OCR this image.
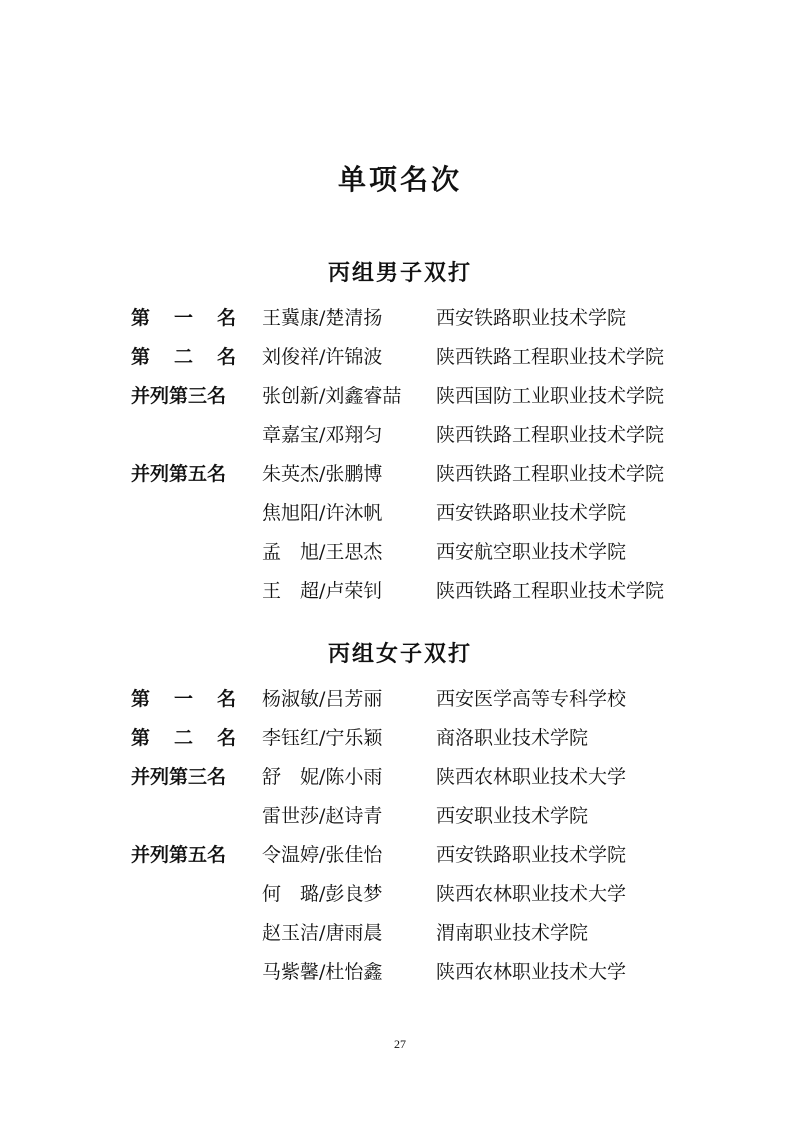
单项名次
丙组男子双打
第 一 名 王冀康/楚清扬	西安铁路职业技术学院
第 二 名 刘俊祥/许锦波	陕西铁路工程职业技术学院
并列第三名	张创新/刘鑫睿喆	陕西国防工业职业技术学院
章嘉宝/邓翔匀	陕西铁路工程职业技术学院
并列第五名	朱英杰/张鹏博	陕西铁路工程职业技术学院
焦旭阳/许沐帆	西安铁路职业技术学院
孟　旭/王思杰	西安航空职业技术学院
王　超/卢荣钊	陕西铁路工程职业技术学院
丙组女子双打
第 一 名 杨淑敏/吕芳丽	西安医学高等专科学校
第 二 名 李钰红/宁乐颖	商洛职业技术学院
并列第三名	舒　妮/陈小雨	陕西农林职业技术大学
雷世莎/赵诗青	西安职业技术学院
并列第五名	令温婷/张佳怡	西安铁路职业技术学院
何　璐/彭良梦	陕西农林职业技术大学
赵玉洁/唐雨晨	渭南职业技术学院
马紫馨/杜怡鑫	陕西农林职业技术大学
27
